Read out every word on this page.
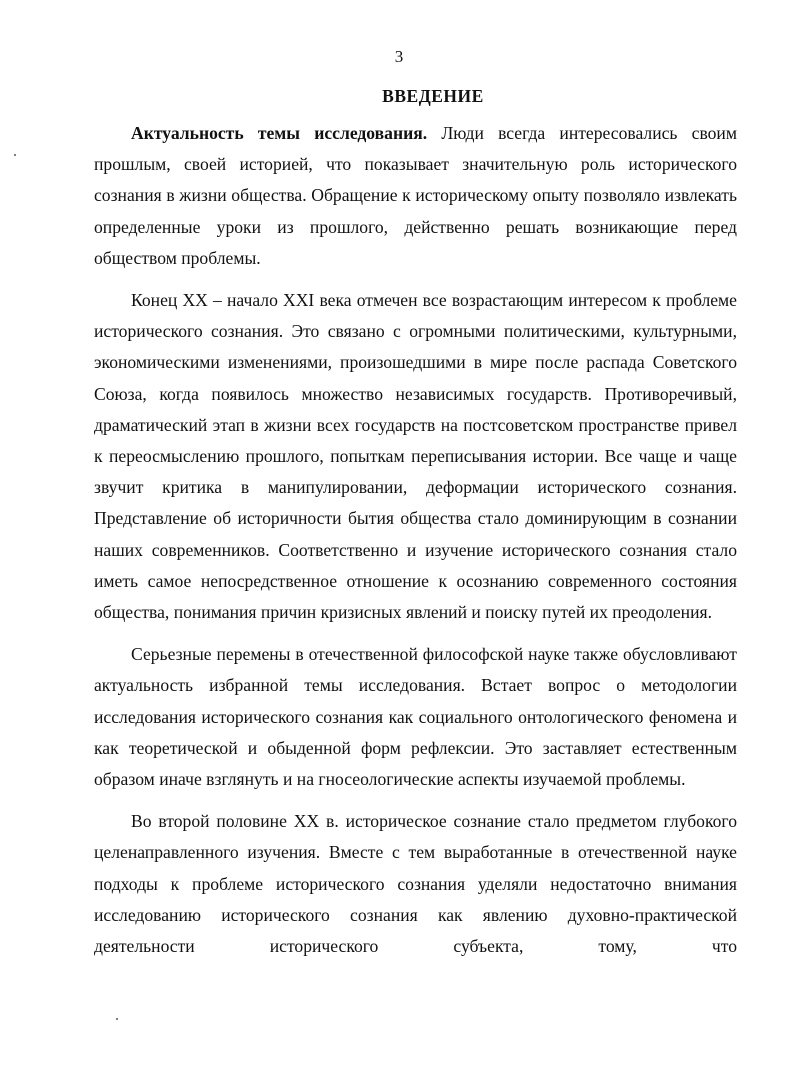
3
ВВЕДЕНИЕ

Актуальность темы исследования. Люди всегда интересовались своим прошлым, своей историей, что показывает значительную роль исторического сознания в жизни общества. Обращение к историческому опыту позволяло извлекать определенные уроки из прошлого, действенно решать возникающие перед обществом проблемы.

Конец XX – начало XXI века отмечен все возрастающим интересом к проблеме исторического сознания. Это связано с огромными политическими, культурными, экономическими изменениями, произошедшими в мире после распада Советского Союза, когда появилось множество независимых государств. Противоречивый, драматический этап в жизни всех государств на постсоветском пространстве привел к переосмыслению прошлого, попыткам переписывания истории. Все чаще и чаще звучит критика в манипулировании, деформации исторического сознания. Представление об историчности бытия общества стало доминирующим в сознании наших современников. Соответственно и изучение исторического сознания стало иметь самое непосредственное отношение к осознанию современного состояния общества, понимания причин кризисных явлений и поиску путей их преодоления.

Серьезные перемены в отечественной философской науке также обусловливают актуальность избранной темы исследования. Встает вопрос о методологии исследования исторического сознания как социального онтологического феномена и как теоретической и обыденной форм рефлексии. Это заставляет естественным образом иначе взглянуть и на гносеологические аспекты изучаемой проблемы.

Во второй половине XX в. историческое сознание стало предметом глубокого целенаправленного изучения. Вместе с тем выработанные в отечественной науке подходы к проблеме исторического сознания уделяли недостаточно внимания исследованию исторического сознания как явлению духовно-практической деятельности исторического субъекта, тому, что
